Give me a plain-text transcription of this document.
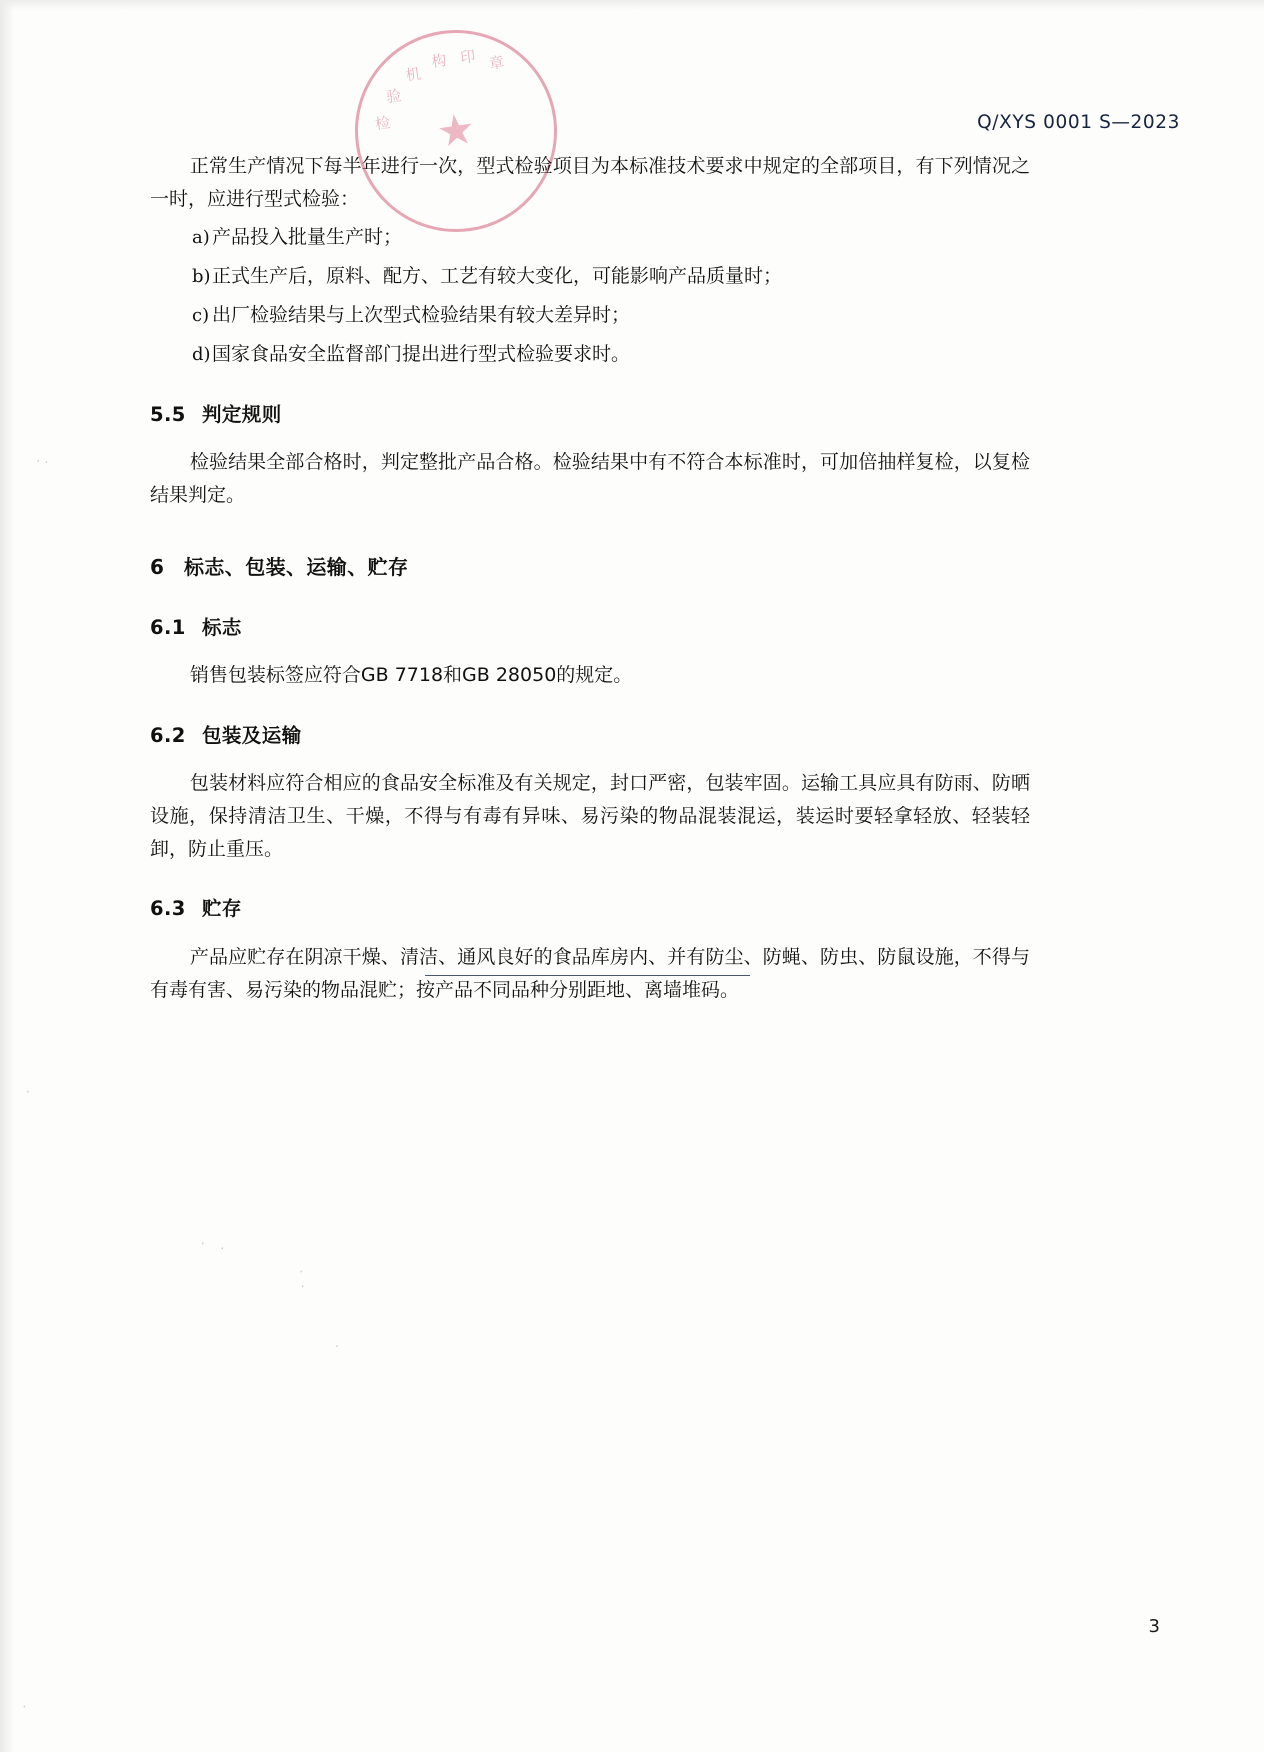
检
验
机
构 印 章
Q/XYS 0001 S—2023

正常生产情况下每半年进行一次，型式检验项目为本标准技术要求中规定的全部项目，有下列情况之一时，应进行型式检验：

a) 产品投入批量生产时；
b) 正式生产后，原料、配方、工艺有较大变化，可能影响产品质量时；
c) 出厂检验结果与上次型式检验结果有较大差异时；
d) 国家食品安全监督部门提出进行型式检验要求时。
5.5 判定规则

检验结果全部合格时，判定整批产品合格。检验结果中有不符合本标准时，可加倍抽样复检，以复检结果判定。

6 标志、包装、运输、贮存
6.1 标志

销售包装标签应符合GB 7718和GB 28050的规定。

6.2 包装及运输

包装材料应符合相应的食品安全标准及有关规定，封口严密，包装牢固。运输工具应具有防雨、防晒设施，保持清洁卫生、干燥，不得与有毒有异味、易污染的物品混装混运，装运时要轻拿轻放、轻装轻卸，防止重压。

6.3 贮存

产品应贮存在阴凉干燥、清洁、通风良好的食品库房内、并有防尘、防蝇、防虫、防鼠设施，不得与有毒有害、易污染的物品混贮；按产品不同品种分别距地、离墙堆码。

3
· ·
·
· ·
·
·
·
·
